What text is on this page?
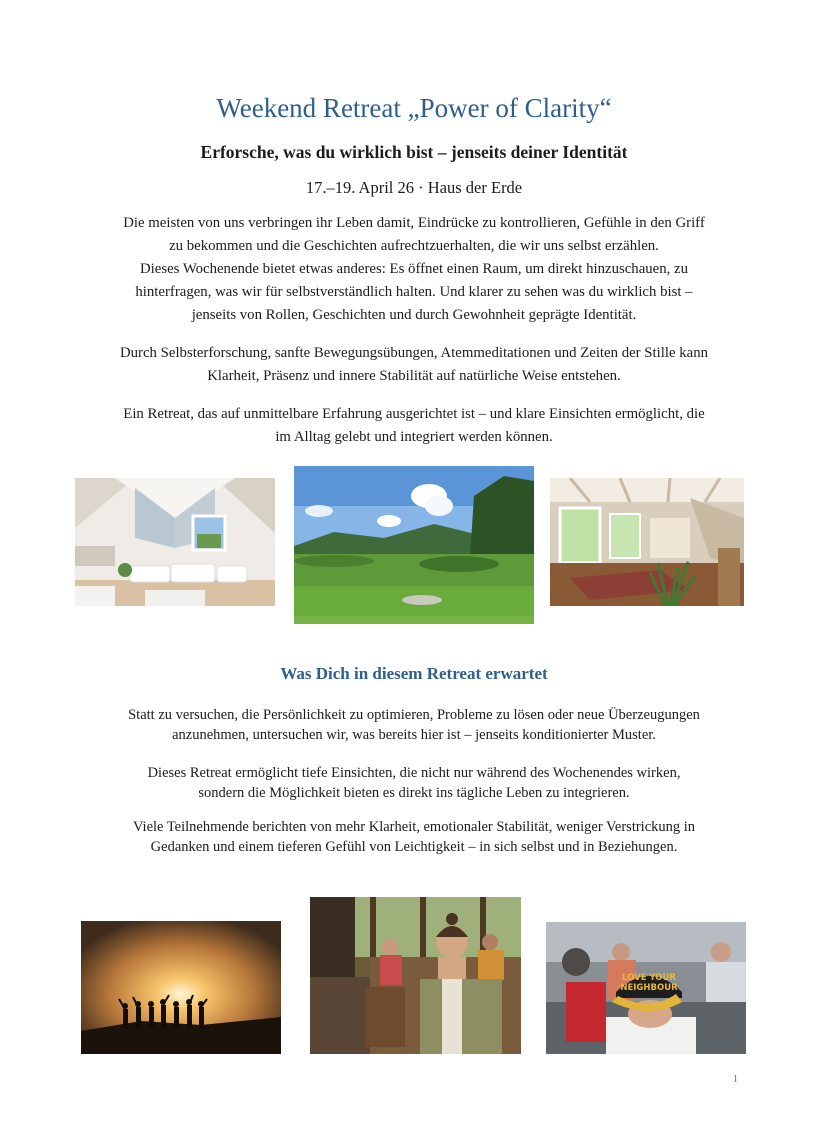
Weekend Retreat „Power of Clarity“
Erforsche, was du wirklich bist – jenseits deiner Identität
17.–19. April 26 · Haus der Erde
Die meisten von uns verbringen ihr Leben damit, Eindrücke zu kontrollieren, Gefühle in den Griff
zu bekommen und die Geschichten aufrechtzuerhalten, die wir uns selbst erzählen.
Dieses Wochenende bietet etwas anderes: Es öffnet einen Raum, um direkt hinzuschauen, zu
hinterfragen, was wir für selbstverständlich halten. Und klarer zu sehen was du wirklich bist –
jenseits von Rollen, Geschichten und durch Gewohnheit geprägte Identität.
Durch Selbsterforschung, sanfte Bewegungsübungen, Atemmeditationen und Zeiten der Stille kann
Klarheit, Präsenz und innere Stabilität auf natürliche Weise entstehen.
Ein Retreat, das auf unmittelbare Erfahrung ausgerichtet ist – und klare Einsichten ermöglicht, die
im Alltag gelebt und integriert werden können.
Was Dich in diesem Retreat erwartet
Statt zu versuchen, die Persönlichkeit zu optimieren, Probleme zu lösen oder neue Überzeugungen
anzunehmen, untersuchen wir, was bereits hier ist – jenseits konditionierter Muster.
Dieses Retreat ermöglicht tiefe Einsichten, die nicht nur während des Wochenendes wirken,
sondern die Möglichkeit bieten es direkt ins tägliche Leben zu integrieren.
Viele Teilnehmende berichten von mehr Klarheit, emotionaler Stabilität, weniger Verstrickung in
Gedanken und einem tieferen Gefühl von Leichtigkeit – in sich selbst und in Beziehungen.
LOVE YOUR
NEIGHBOUR
1
